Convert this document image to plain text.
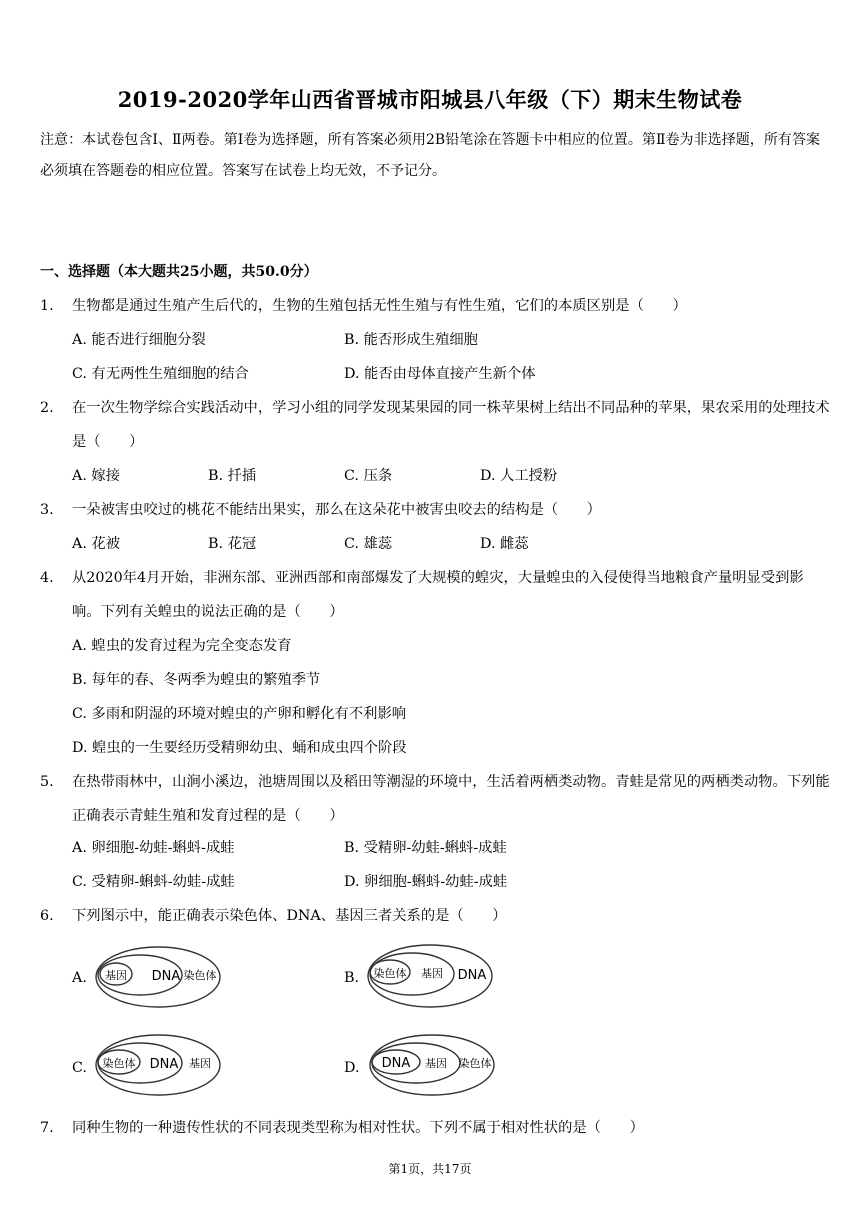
2019-2020学年山西省晋城市阳城县八年级（下）期末生物试卷
注意：本试卷包含Ⅰ、Ⅱ两卷。第Ⅰ卷为选择题，所有答案必须用2B铅笔涂在答题卡中相应的位置。第Ⅱ卷为非选择题，所有答案必须填在答题卷的相应位置。答案写在试卷上均无效，不予记分。
一、选择题（本大题共25小题，共50.0分）
1. 生物都是通过生殖产生后代的，生物的生殖包括无性生殖与有性生殖，它们的本质区别是（　　）
A. 能否进行细胞分裂	B. 能否形成生殖细胞
C. 有无两性生殖细胞的结合	D. 能否由母体直接产生新个体
2. 在一次生物学综合实践活动中，学习小组的同学发现某果园的同一株苹果树上结出不同品种的苹果，果农采用的处理技术是（　　）
A. 嫁接	B. 扦插	C. 压条	D. 人工授粉
3. 一朵被害虫咬过的桃花不能结出果实，那么在这朵花中被害虫咬去的结构是（　　）
A. 花被	B. 花冠	C. 雄蕊	D. 雌蕊
4. 从2020年4月开始，非洲东部、亚洲西部和南部爆发了大规模的蝗灾，大量蝗虫的入侵使得当地粮食产量明显受到影响。下列有关蝗虫的说法正确的是（　　）
A. 蝗虫的发育过程为完全变态发育
B. 每年的春、冬两季为蝗虫的繁殖季节
C. 多雨和阴湿的环境对蝗虫的产卵和孵化有不利影响
D. 蝗虫的一生要经历受精卵幼虫、蛹和成虫四个阶段
5. 在热带雨林中，山涧小溪边，池塘周围以及稻田等潮湿的环境中，生活着两栖类动物。青蛙是常见的两栖类动物。下列能正确表示青蛙生殖和发育过程的是（　　）
A. 卵细胞-幼蛙-蝌蚪-成蛙	B. 受精卵-幼蛙-蝌蚪-成蛙
C. 受精卵-蝌蚪-幼蛙-成蛙	D. 卵细胞-蝌蚪-幼蛙-成蛙
6. 下列图示中，能正确表示染色体、DNA、基因三者关系的是（　　）
A. 基因 DNA 染色体	B. 染色体 基因 DNA
C. 染色体 DNA 基因	D. DNA 基因 染色体
7. 同种生物的一种遗传性状的不同表现类型称为相对性状。下列不属于相对性状的是（　　）
第1页，共17页
